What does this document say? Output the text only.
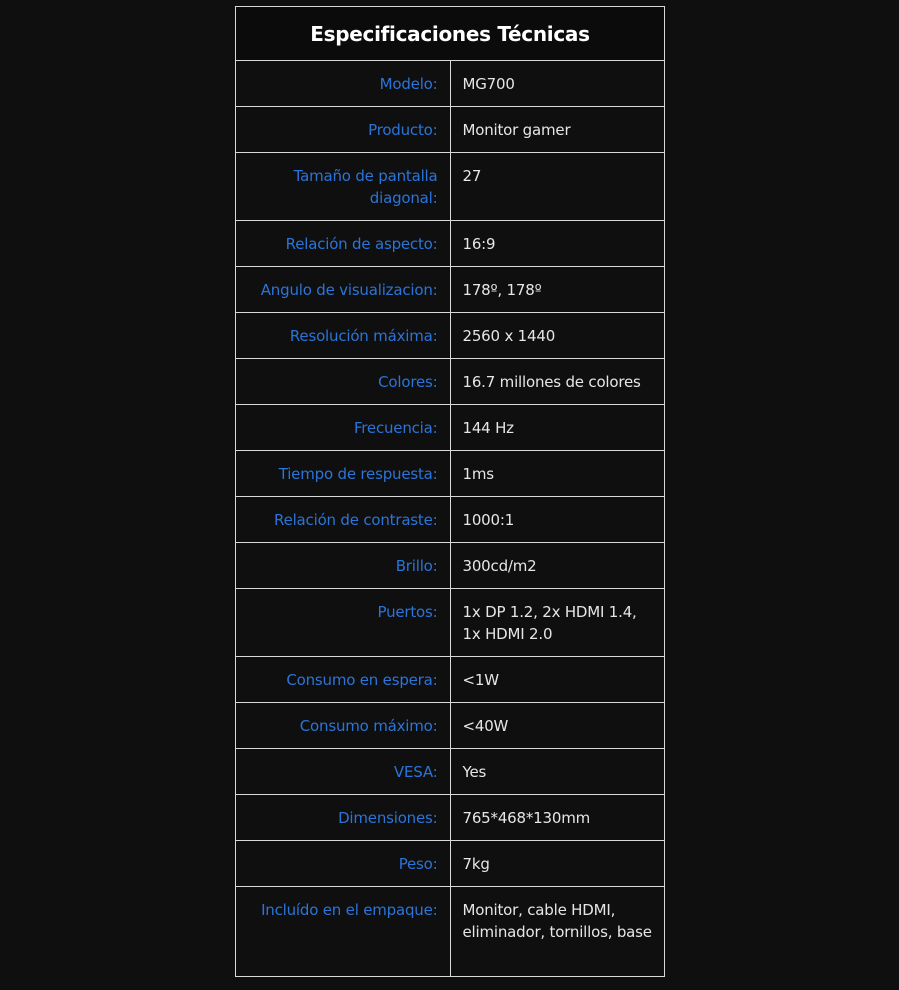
Especificaciones Técnicas	
Modelo:	MG700
Producto:	Monitor gamer
Tamaño de pantalla diagonal:	27
Relación de aspecto:	16:9
Angulo de visualizacion:	178º, 178º
Resolución máxima:	2560 x 1440
Colores:	16.7 millones de colores
Frecuencia:	144 Hz
Tiempo de respuesta:	1ms
Relación de contraste:	1000:1
Brillo:	300cd/m2
Puertos:	1x DP 1.2, 2x HDMI 1.4, 1x HDMI 2.0
Consumo en espera:	<1W
Consumo máximo:	<40W
VESA:	Yes
Dimensiones:	765*468*130mm
Peso:	7kg
Incluído en el empaque:	Monitor, cable HDMI, eliminador, tornillos, base
